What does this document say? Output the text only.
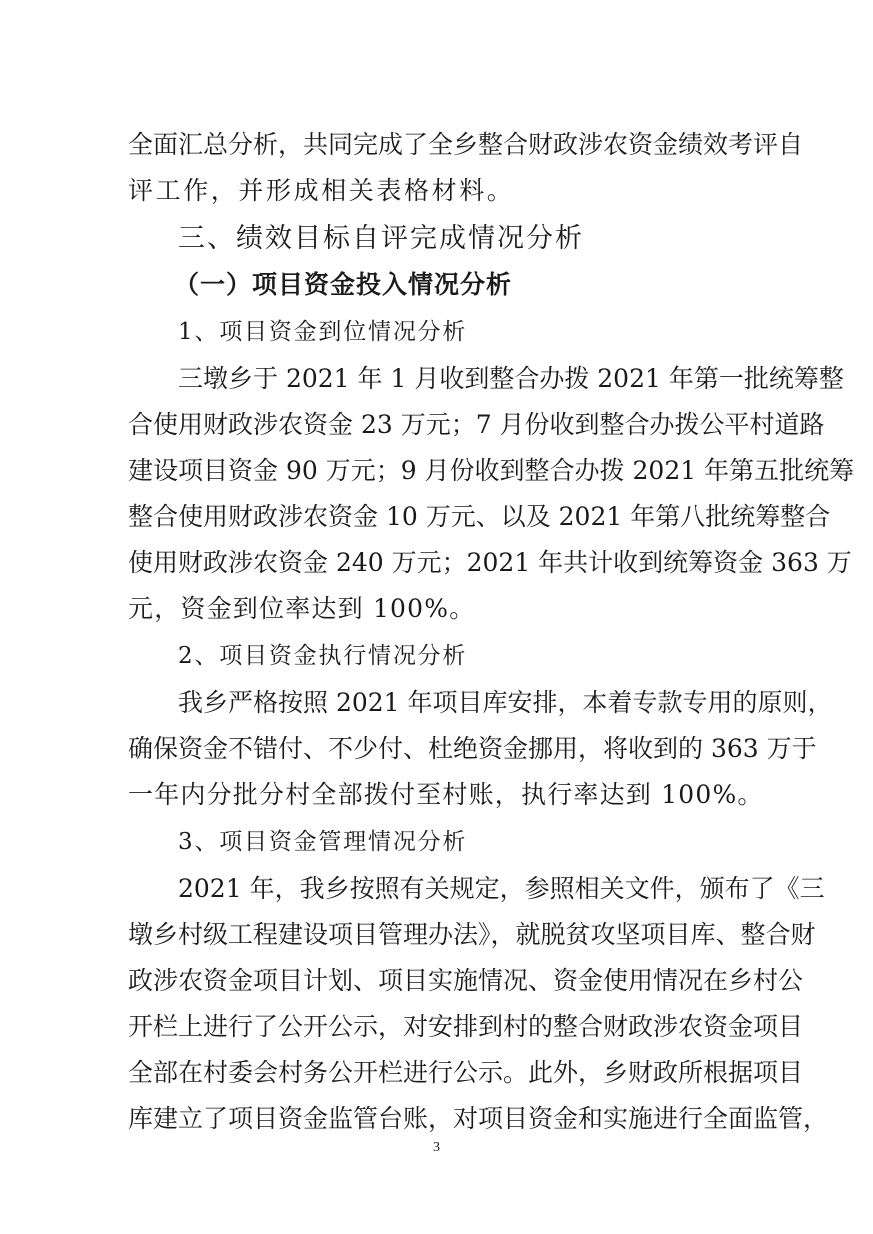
全面汇总分析，共同完成了全乡整合财政涉农资金绩效考评自
评工作，并形成相关表格材料。
三、绩效目标自评完成情况分析
（一）项目资金投入情况分析
1、项目资金到位情况分析
三墩乡于 2021 年 1 月收到整合办拨 2021 年第一批统筹整
合使用财政涉农资金 23 万元；7 月份收到整合办拨公平村道路
建设项目资金 90 万元；9 月份收到整合办拨 2021 年第五批统筹
整合使用财政涉农资金 10 万元、以及 2021 年第八批统筹整合
使用财政涉农资金 240 万元；2021 年共计收到统筹资金 363 万
元，资金到位率达到 100%。
2、项目资金执行情况分析
我乡严格按照 2021 年项目库安排，本着专款专用的原则，
确保资金不错付、不少付、杜绝资金挪用，将收到的 363 万于
一年内分批分村全部拨付至村账，执行率达到 100%。
3、项目资金管理情况分析
2021 年，我乡按照有关规定，参照相关文件，颁布了《三
墩乡村级工程建设项目管理办法》，就脱贫攻坚项目库、整合财
政涉农资金项目计划、项目实施情况、资金使用情况在乡村公
开栏上进行了公开公示，对安排到村的整合财政涉农资金项目
全部在村委会村务公开栏进行公示。此外，乡财政所根据项目
库建立了项目资金监管台账，对项目资金和实施进行全面监管，
3
